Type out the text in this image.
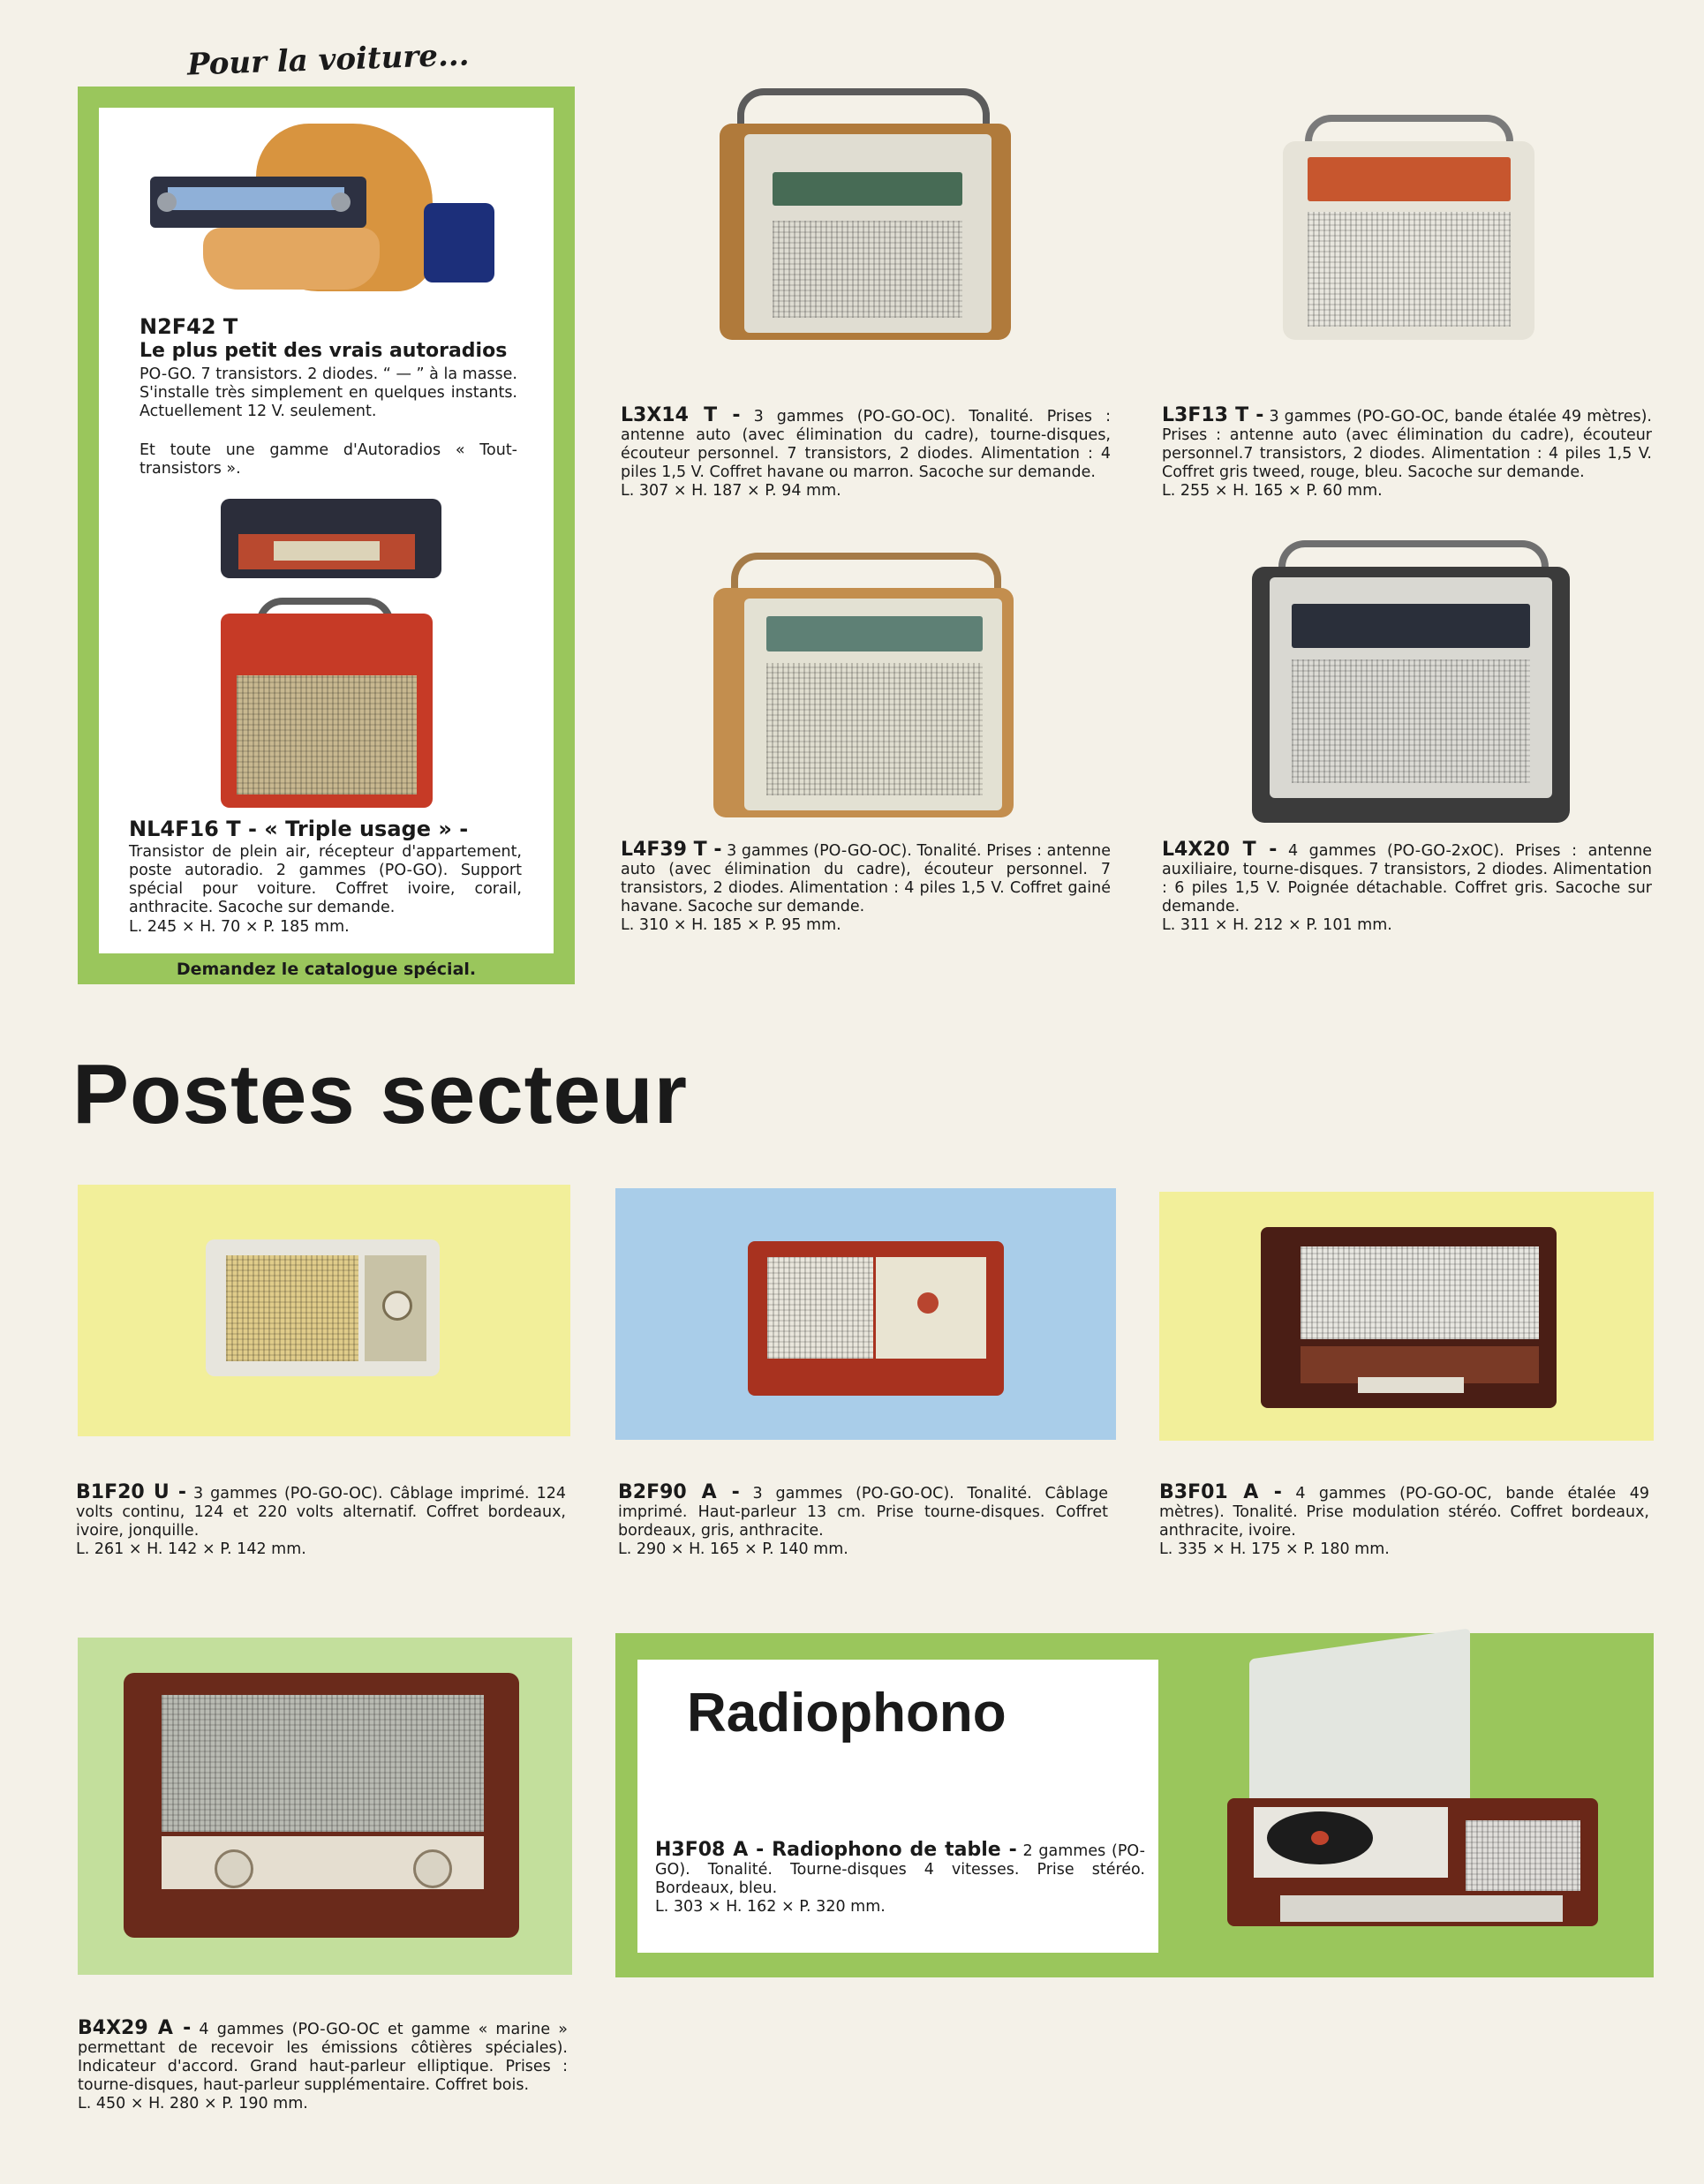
Pour la voiture...
N2F42 T
Le plus petit des vrais autoradios
PO-GO. 7 transistors. 2 diodes. “ — ” à la masse. S'installe très simplement en quelques instants. Actuellement 12 V. seulement.
Et toute une gamme d'Autoradios « Tout-transistors ».
NL4F16 T - « Triple usage » -
Transistor de plein air, récepteur d'appartement, poste autoradio. 2 gammes (PO-GO). Support spécial pour voiture. Coffret ivoire, corail, anthracite. Sacoche sur demande.
L. 245 × H. 70 × P. 185 mm.
Demandez le catalogue spécial.
L3X14 T - 3 gammes (PO-GO-OC). Tonalité. Prises : antenne auto (avec élimination du cadre), tourne-disques, écouteur personnel. 7 transistors, 2 diodes. Alimentation : 4 piles 1,5 V. Coffret havane ou marron. Sacoche sur demande.
L. 307 × H. 187 × P. 94 mm.
L3F13 T - 3 gammes (PO-GO-OC, bande étalée 49 mètres). Prises : antenne auto (avec élimination du cadre), écouteur personnel.7 transistors, 2 diodes. Alimentation : 4 piles 1,5 V. Coffret gris tweed, rouge, bleu. Sacoche sur demande.
L. 255 × H. 165 × P. 60 mm.
L4F39 T - 3 gammes (PO-GO-OC). Tonalité. Prises : antenne auto (avec élimination du cadre), écouteur personnel. 7 transistors, 2 diodes. Alimentation : 4 piles 1,5 V. Coffret gainé havane. Sacoche sur demande.
L. 310 × H. 185 × P. 95 mm.
L4X20 T - 4 gammes (PO-GO-2xOC). Prises : antenne auxiliaire, tourne-disques. 7 transistors, 2 diodes. Alimentation : 6 piles 1,5 V. Poignée détachable. Coffret gris. Sacoche sur demande.
L. 311 × H. 212 × P. 101 mm.
Postes secteur
B1F20 U - 3 gammes (PO-GO-OC). Câblage imprimé. 124 volts continu, 124 et 220 volts alternatif. Coffret bordeaux, ivoire, jonquille.
L. 261 × H. 142 × P. 142 mm.
B2F90 A - 3 gammes (PO-GO-OC). Tonalité. Câblage imprimé. Haut-parleur 13 cm. Prise tourne-disques. Coffret bordeaux, gris, anthracite.
L. 290 × H. 165 × P. 140 mm.
B3F01 A - 4 gammes (PO-GO-OC, bande étalée 49 mètres). Tonalité. Prise modulation stéréo. Coffret bordeaux, anthracite, ivoire.
L. 335 × H. 175 × P. 180 mm.
B4X29 A - 4 gammes (PO-GO-OC et gamme « marine » permettant de recevoir les émissions côtières spéciales). Indicateur d'accord. Grand haut-parleur elliptique. Prises : tourne-disques, haut-parleur supplémentaire. Coffret bois.
L. 450 × H. 280 × P. 190 mm.
Radiophono
H3F08 A - Radiophono de table - 2 gammes (PO-GO). Tonalité. Tourne-disques 4 vitesses. Prise stéréo. Bordeaux, bleu.
L. 303 × H. 162 × P. 320 mm.
